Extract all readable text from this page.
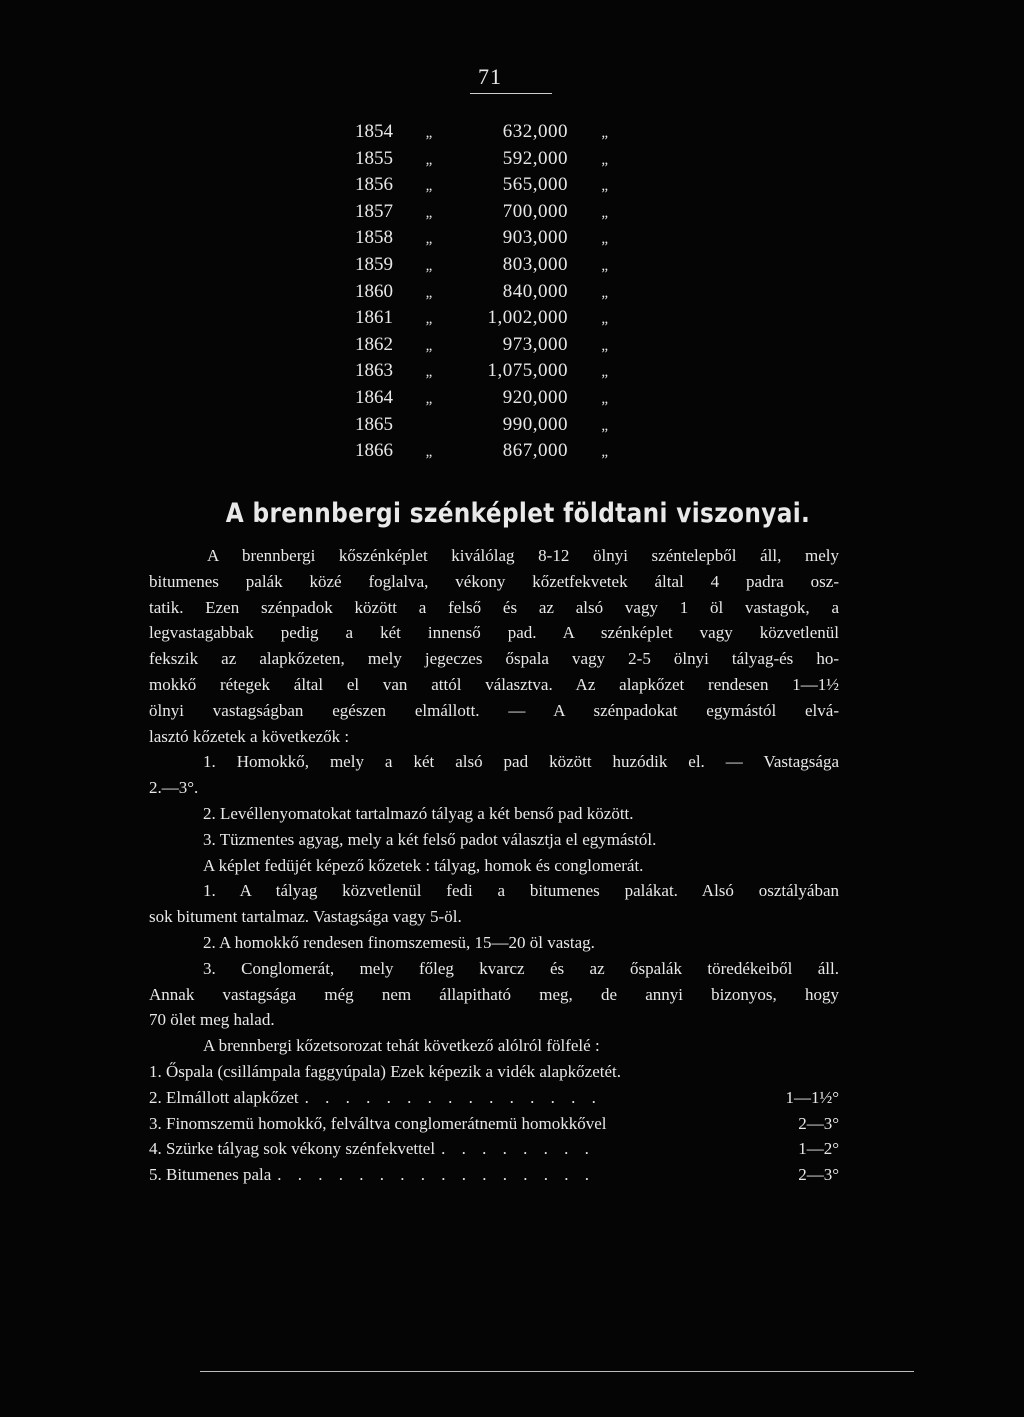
71
1854	„	632,000	„
1855	„	592,000	„
1856	„	565,000	„
1857	„	700,000	„
1858	„	903,000	„
1859	„	803,000	„
1860	„	840,000	„
1861	„	1,002,000	„
1862	„	973,000	„
1863	„	1,075,000	„
1864	„	920,000	„
1865	990,000	„
1866	„	867,000	„
A brennbergi szénképlet földtani viszonyai.
A brennbergi kőszénképlet kiválólag 8-12 ölnyi széntelepből áll, mely
bitumenes palák közé foglalva, vékony kőzetfekvetek által 4 padra osz-
tatik. Ezen szénpadok között a felső és az alsó vagy 1 öl vastagok, a
legvastagabbak pedig a két innenső pad. A szénképlet vagy közvetlenül
fekszik az alapkőzeten, mely jegeczes őspala vagy 2-5 ölnyi tályag-és ho-
mokkő rétegek által el van attól választva. Az alapkőzet rendesen 1—1½
ölnyi vastagságban egészen elmállott. — A szénpadokat egymástól elvá-
lasztó kőzetek a következők :
1. Homokkő, mely a két alsó pad között huzódik el. — Vastagsága
2.—3°.
2. Levéllenyomatokat tartalmazó tályag a két benső pad között.
3. Tüzmentes agyag, mely a két felső padot választja el egymástól.
A képlet fedüjét képező kőzetek : tályag, homok és conglomerát.
1. A tályag közvetlenül fedi a bitumenes palákat. Alsó osztályában
sok bitument tartalmaz. Vastagsága vagy 5-öl.
2. A homokkő rendesen finomszemesü, 15—20 öl vastag.
3. Conglomerát, mely főleg kvarcz és az őspalák töredékeiből áll.
Annak vastagsága még nem állapitható meg, de annyi bizonyos, hogy
70 ölet meg halad.
A brennbergi kőzetsorozat tehát következő alólról fölfelé :
1. Őspala (csillámpala faggyúpala) Ezek képezik a vidék alapkőzetét.
2. Elmállott alapkőzet . . . . . . . . . . . . . . .	1—1½°
3. Finomszemü homokkő, felváltva conglomerátnemü homokkővel	2—3°
4. Szürke tályag sok vékony szénfekvettel . . . . . . . .	1—2°
5. Bitumenes pala . . . . . . . . . . . . . . . .	2—3°
